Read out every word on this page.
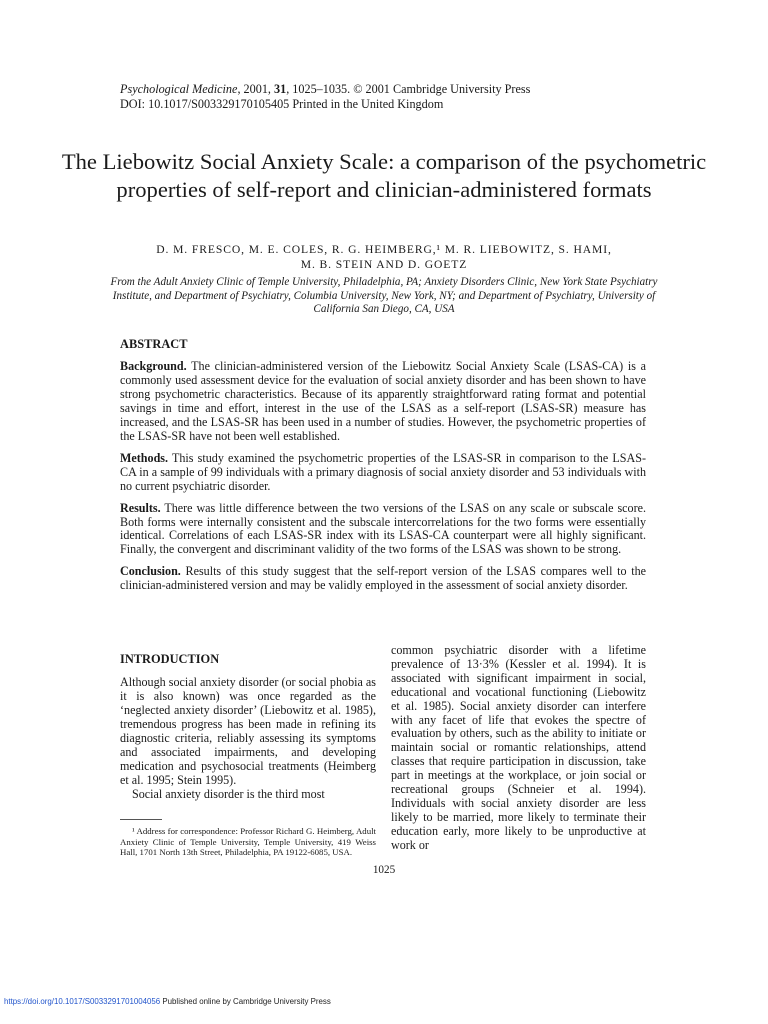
Psychological Medicine, 2001, 31, 1025–1035. © 2001 Cambridge University Press
DOI: 10.1017/S003329170105405 Printed in the United Kingdom
The Liebowitz Social Anxiety Scale: a comparison of the psychometric properties of self-report and clinician-administered formats
D. M. FRESCO, M. E. COLES, R. G. HEIMBERG,¹ M. R. LIEBOWITZ, S. HAMI,
M. B. STEIN AND D. GOETZ

From the Adult Anxiety Clinic of Temple University, Philadelphia, PA; Anxiety Disorders Clinic, New York State Psychiatry Institute, and Department of Psychiatry, Columbia University, New York, NY; and Department of Psychiatry, University of California San Diego, CA, USA

ABSTRACT

Background. The clinician-administered version of the Liebowitz Social Anxiety Scale (LSAS-CA) is a commonly used assessment device for the evaluation of social anxiety disorder and has been shown to have strong psychometric characteristics. Because of its apparently straightforward rating format and potential savings in time and effort, interest in the use of the LSAS as a self-report (LSAS-SR) measure has increased, and the LSAS-SR has been used in a number of studies. However, the psychometric properties of the LSAS-SR have not been well established.

Methods. This study examined the psychometric properties of the LSAS-SR in comparison to the LSAS-CA in a sample of 99 individuals with a primary diagnosis of social anxiety disorder and 53 individuals with no current psychiatric disorder.

Results. There was little difference between the two versions of the LSAS on any scale or subscale score. Both forms were internally consistent and the subscale intercorrelations for the two forms were essentially identical. Correlations of each LSAS-SR index with its LSAS-CA counterpart were all highly significant. Finally, the convergent and discriminant validity of the two forms of the LSAS was shown to be strong.

Conclusion. Results of this study suggest that the self-report version of the LSAS compares well to the clinician-administered version and may be validly employed in the assessment of social anxiety disorder.

INTRODUCTION

Although social anxiety disorder (or social phobia as it is also known) was once regarded as the ‘neglected anxiety disorder’ (Liebowitz et al. 1985), tremendous progress has been made in refining its diagnostic criteria, reliably assessing its symptoms and associated impairments, and developing medication and psychosocial treatments (Heimberg et al. 1995; Stein 1995).

Social anxiety disorder is the third most

¹ Address for correspondence: Professor Richard G. Heimberg, Adult Anxiety Clinic of Temple University, Temple University, 419 Weiss Hall, 1701 North 13th Street, Philadelphia, PA 19122-6085, USA.

common psychiatric disorder with a lifetime prevalence of 13·3% (Kessler et al. 1994). It is associated with significant impairment in social, educational and vocational functioning (Liebowitz et al. 1985). Social anxiety disorder can interfere with any facet of life that evokes the spectre of evaluation by others, such as the ability to initiate or maintain social or romantic relationships, attend classes that require participation in discussion, take part in meetings at the workplace, or join social or recreational groups (Schneier et al. 1994). Individuals with social anxiety disorder are less likely to be married, more likely to terminate their education early, more likely to be unproductive at work or

1025
https://doi.org/10.1017/S0033291701004056 Published online by Cambridge University Press
